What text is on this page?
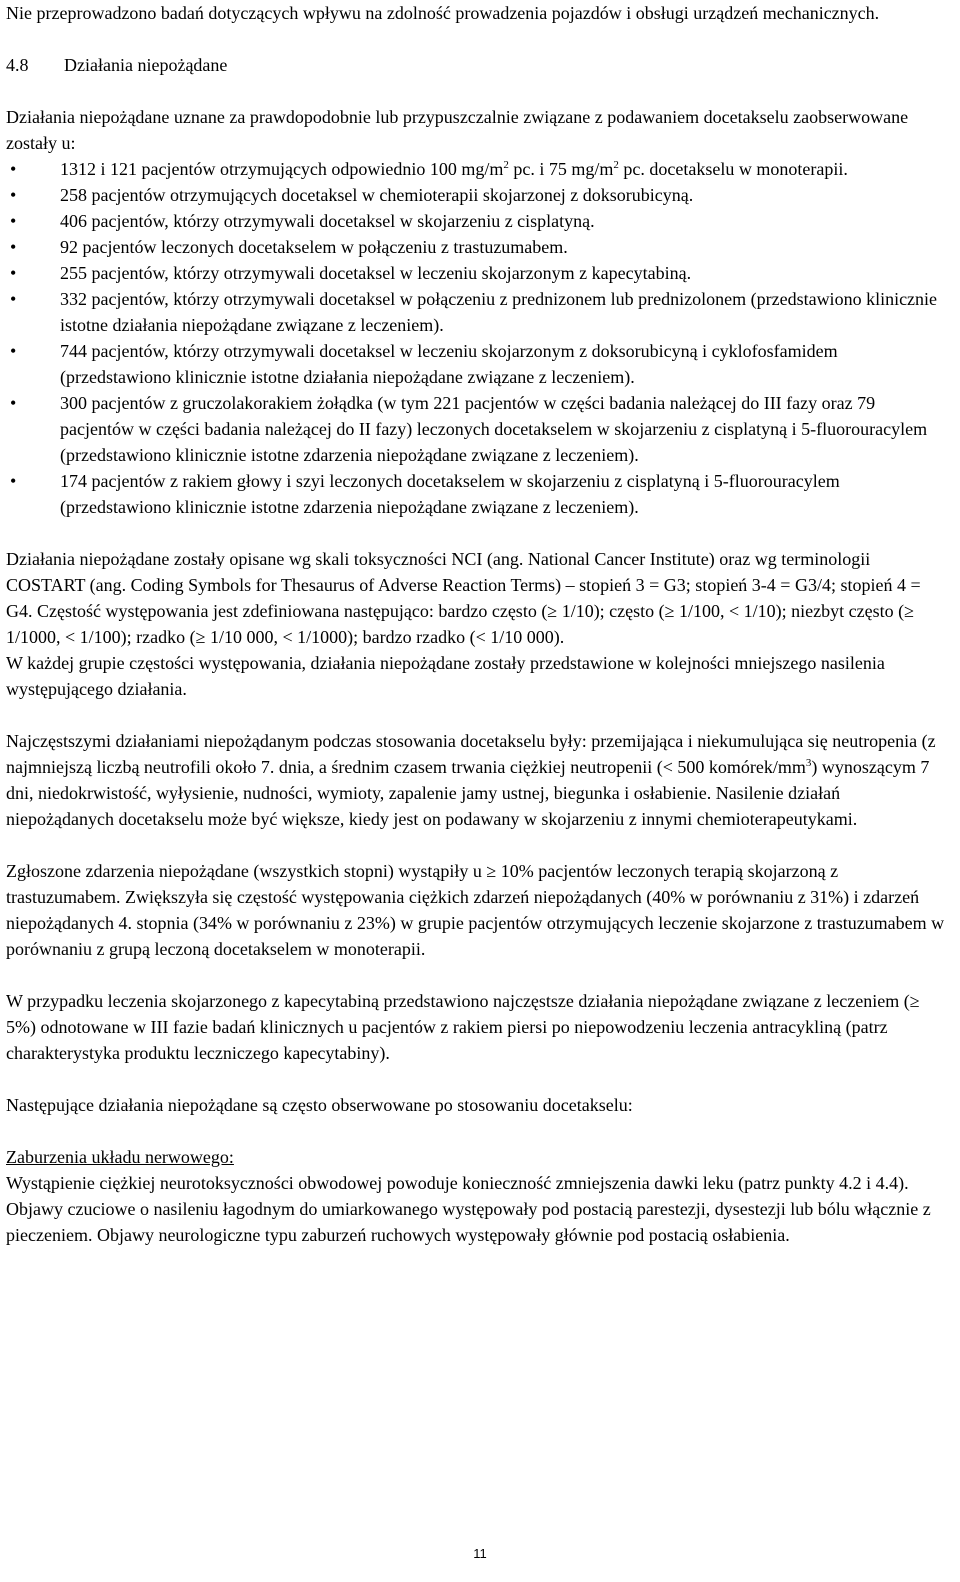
Nie przeprowadzono badań dotyczących wpływu na zdolność prowadzenia pojazdów i obsługi urządzeń mechanicznych.

4.8 Działania niepożądane

Działania niepożądane uznane za prawdopodobnie lub przypuszczalnie związane z podawaniem docetakselu zaobserwowane zostały u:

• 1312 i 121 pacjentów otrzymujących odpowiednio 100 $mg/m^2$ pc. i 75 $mg/m^2$ pc. docetakselu w monoterapii.
• 258 pacjentów otrzymujących docetaksel w chemioterapii skojarzonej z doksorubicyną.
• 406 pacjentów, którzy otrzymywali docetaksel w skojarzeniu z cisplatyną.
• 92 pacjentów leczonych docetakselem w połączeniu z trastuzumabem.
• 255 pacjentów, którzy otrzymywali docetaksel w leczeniu skojarzonym z kapecytabiną.
• 332 pacjentów, którzy otrzymywali docetaksel w połączeniu z prednizonem lub prednizolonem (przedstawiono klinicznie istotne działania niepożądane związane z leczeniem).
• 744 pacjentów, którzy otrzymywali docetaksel w leczeniu skojarzonym z doksorubicyną i cyklofosfamidem (przedstawiono klinicznie istotne działania niepożądane związane z leczeniem).
• 300 pacjentów z gruczolakorakiem żołądka (w tym 221 pacjentów w części badania należącej do III fazy oraz 79 pacjentów w części badania należącej do II fazy) leczonych docetakselem w skojarzeniu z cisplatyną i 5-fluorouracylem (przedstawiono klinicznie istotne zdarzenia niepożądane związane z leczeniem).
• 174 pacjentów z rakiem głowy i szyi leczonych docetakselem w skojarzeniu z cisplatyną i 5-fluorouracylem (przedstawiono klinicznie istotne zdarzenia niepożądane związane z leczeniem).

Działania niepożądane zostały opisane wg skali toksyczności NCI (ang. National Cancer Institute) oraz wg terminologii COSTART (ang. Coding Symbols for Thesaurus of Adverse Reaction Terms) – stopień 3 = G3; stopień 3-4 = G3/4; stopień 4 = G4. Częstość występowania jest zdefiniowana następująco: bardzo często (≥ 1/10); często (≥ 1/100, < 1/10); niezbyt często (≥ 1/1000, < 1/100); rzadko (≥ 1/10 000, < 1/1000); bardzo rzadko (< 1/10 000).

W każdej grupie częstości występowania, działania niepożądane zostały przedstawione w kolejności mniejszego nasilenia występującego działania.

Najczęstszymi działaniami niepożądanym podczas stosowania docetakselu były: przemijająca i niekumulująca się neutropenia (z najmniejszą liczbą neutrofili około 7. dnia, a średnim czasem trwania ciężkiej neutropenii (< 500 komórek/$mm^3$) wynoszącym 7 dni, niedokrwistość, wyłysienie, nudności, wymioty, zapalenie jamy ustnej, biegunka i osłabienie. Nasilenie działań niepożądanych docetakselu może być większe, kiedy jest on podawany w skojarzeniu z innymi chemioterapeutykami.

Zgłoszone zdarzenia niepożądane (wszystkich stopni) wystąpiły u ≥ 10% pacjentów leczonych terapią skojarzoną z trastuzumabem. Zwiększyła się częstość występowania ciężkich zdarzeń niepożądanych (40% w porównaniu z 31%) i zdarzeń niepożądanych 4. stopnia (34% w porównaniu z 23%) w grupie pacjentów otrzymujących leczenie skojarzone z trastuzumabem w porównaniu z grupą leczoną docetakselem w monoterapii.

W przypadku leczenia skojarzonego z kapecytabiną przedstawiono najczęstsze działania niepożądane związane z leczeniem (≥ 5%) odnotowane w III fazie badań klinicznych u pacjentów z rakiem piersi po niepowodzeniu leczenia antracykliną (patrz charakterystyka produktu leczniczego kapecytabiny).

Następujące działania niepożądane są często obserwowane po stosowaniu docetakselu:

Zaburzenia układu nerwowego:

Wystąpienie ciężkiej neurotoksyczności obwodowej powoduje konieczność zmniejszenia dawki leku (patrz punkty 4.2 i 4.4). Objawy czuciowe o nasileniu łagodnym do umiarkowanego występowały pod postacią parestezji, dysestezji lub bólu włącznie z pieczeniem. Objawy neurologiczne typu zaburzeń ruchowych występowały głównie pod postacią osłabienia.

11
